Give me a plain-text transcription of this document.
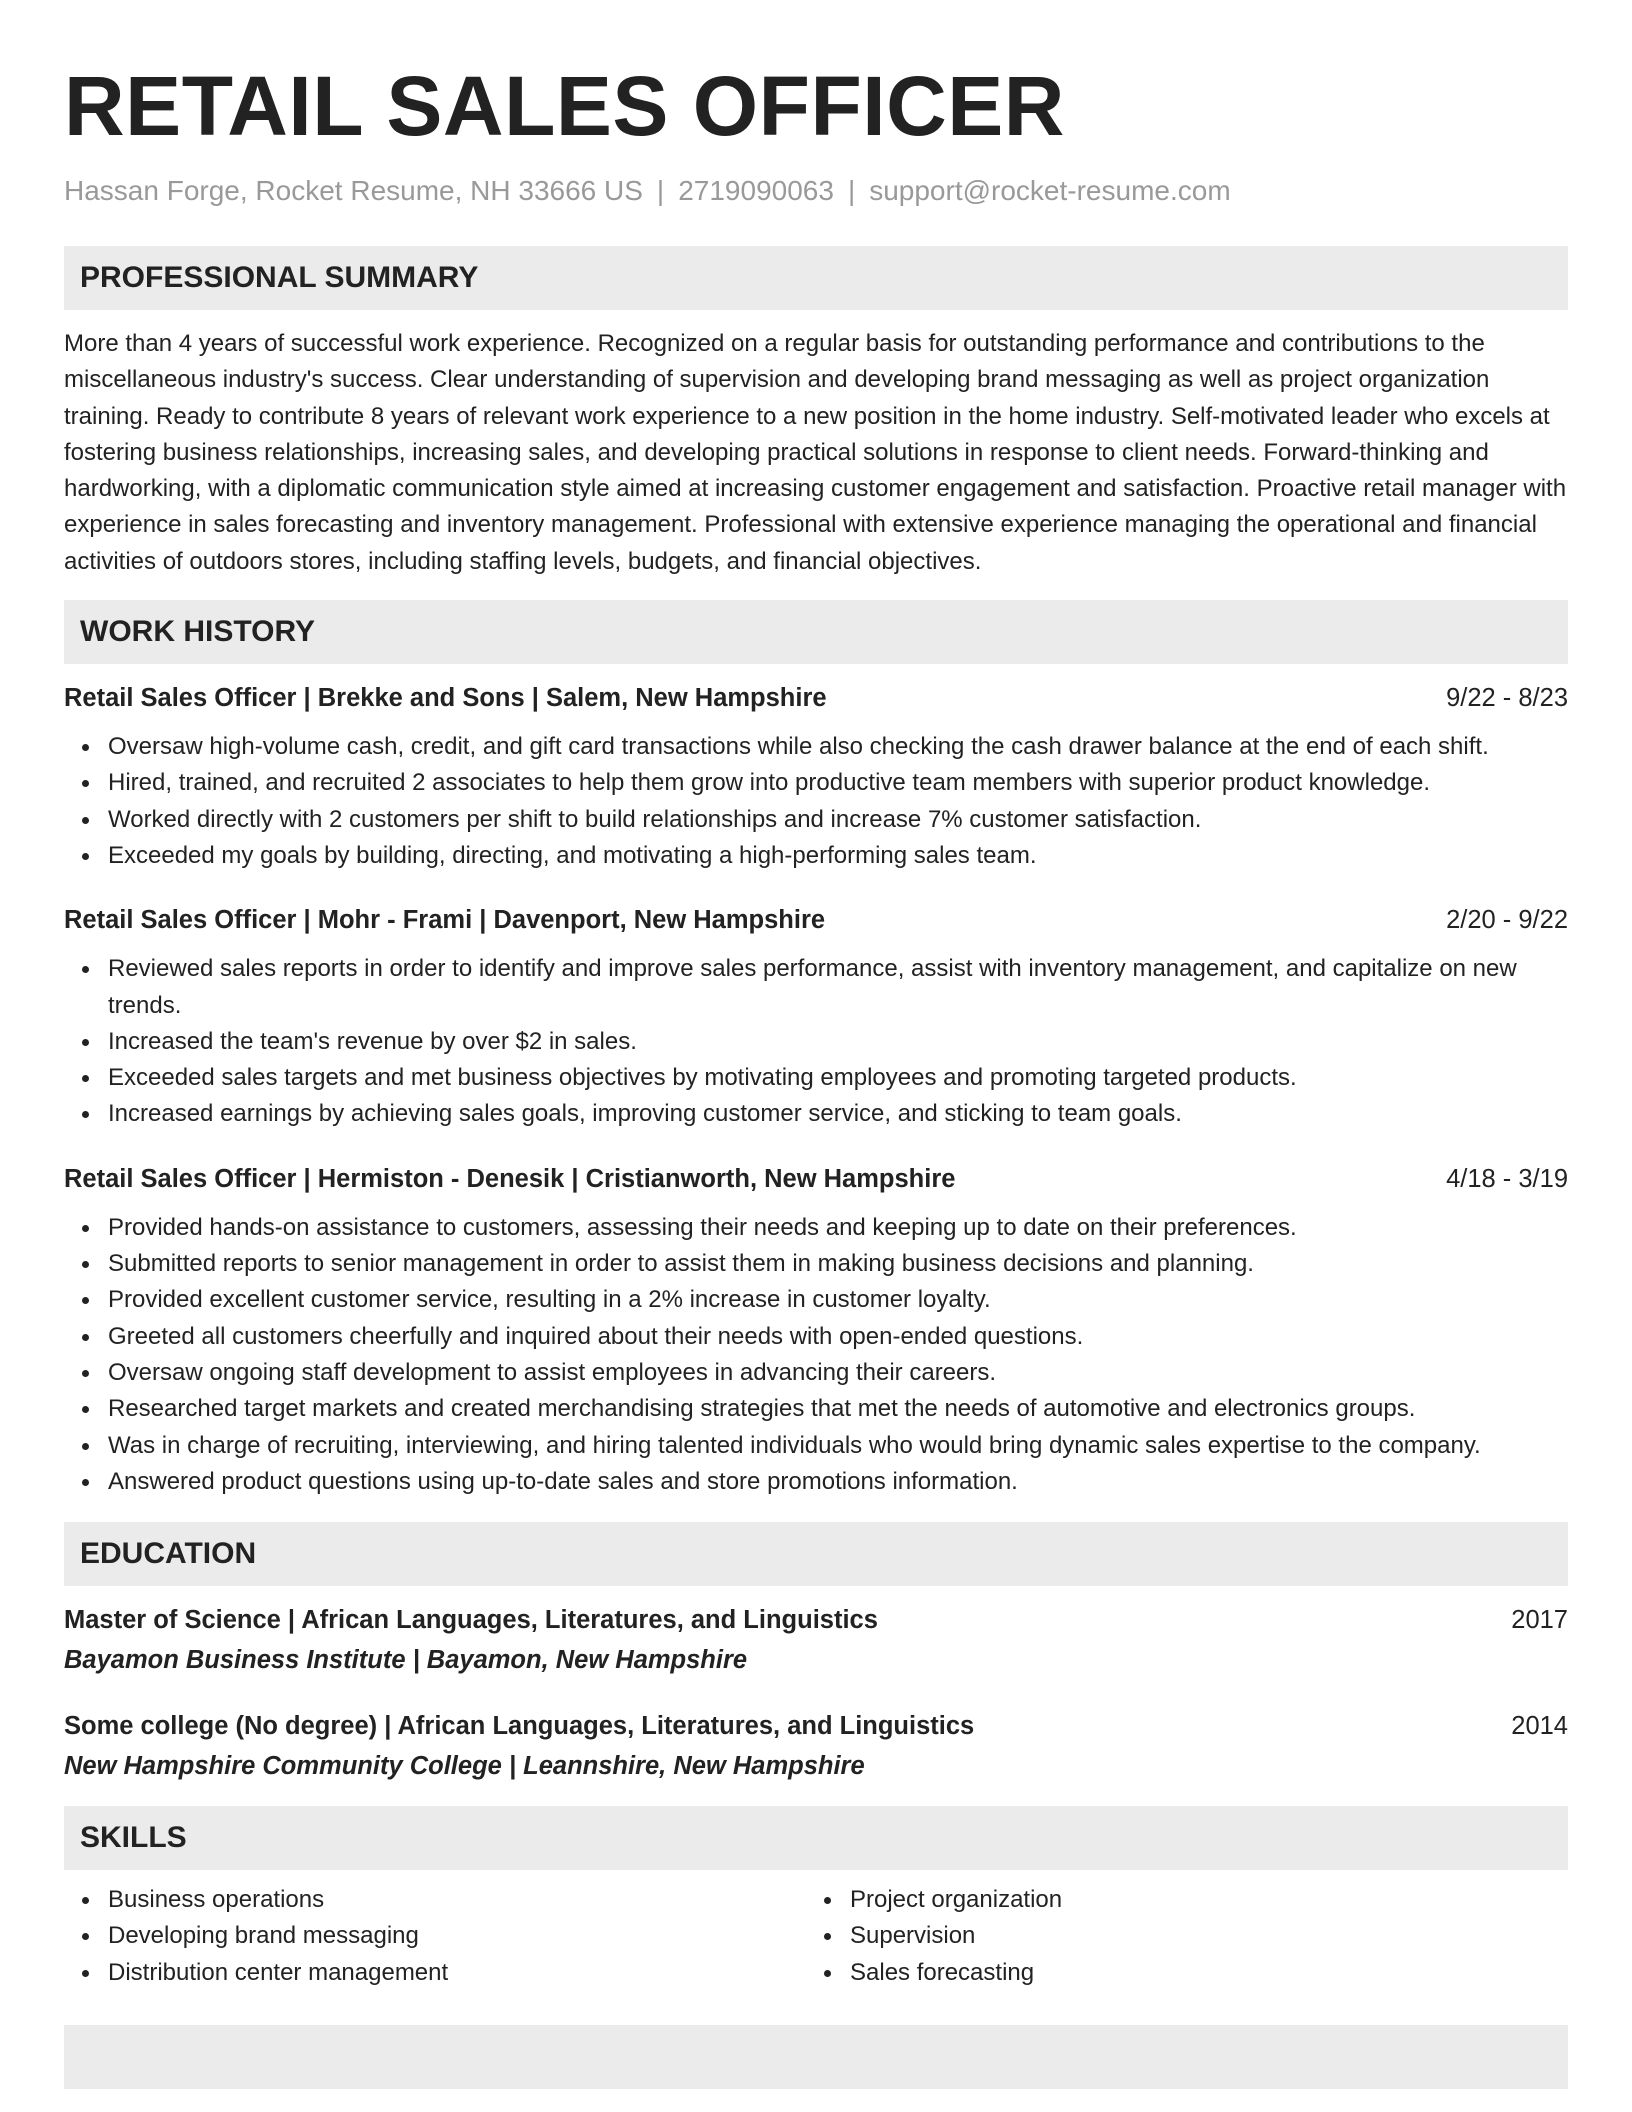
RETAIL SALES OFFICER
Hassan Forge, Rocket Resume, NH 33666 US | 2719090063 | support@rocket-resume.com
PROFESSIONAL SUMMARY

More than 4 years of successful work experience. Recognized on a regular basis for outstanding performance and contributions to the miscellaneous industry's success. Clear understanding of supervision and developing brand messaging as well as project organization training. Ready to contribute 8 years of relevant work experience to a new position in the home industry. Self-motivated leader who excels at fostering business relationships, increasing sales, and developing practical solutions in response to client needs. Forward-thinking and hardworking, with a diplomatic communication style aimed at increasing customer engagement and satisfaction. Proactive retail manager with experience in sales forecasting and inventory management. Professional with extensive experience managing the operational and financial activities of outdoors stores, including staffing levels, budgets, and financial objectives.

WORK HISTORY
Retail Sales Officer | Brekke and Sons | Salem, New Hampshire	9/22 - 8/23
Oversaw high-volume cash, credit, and gift card transactions while also checking the cash drawer balance at the end of each shift.
Hired, trained, and recruited 2 associates to help them grow into productive team members with superior product knowledge.
Worked directly with 2 customers per shift to build relationships and increase 7% customer satisfaction.
Exceeded my goals by building, directing, and motivating a high-performing sales team.
Retail Sales Officer | Mohr - Frami | Davenport, New Hampshire	2/20 - 9/22
Reviewed sales reports in order to identify and improve sales performance, assist with inventory management, and capitalize on new trends.
Increased the team's revenue by over $2 in sales.
Exceeded sales targets and met business objectives by motivating employees and promoting targeted products.
Increased earnings by achieving sales goals, improving customer service, and sticking to team goals.
Retail Sales Officer | Hermiston - Denesik | Cristianworth, New Hampshire	4/18 - 3/19
Provided hands-on assistance to customers, assessing their needs and keeping up to date on their preferences.
Submitted reports to senior management in order to assist them in making business decisions and planning.
Provided excellent customer service, resulting in a 2% increase in customer loyalty.
Greeted all customers cheerfully and inquired about their needs with open-ended questions.
Oversaw ongoing staff development to assist employees in advancing their careers.
Researched target markets and created merchandising strategies that met the needs of automotive and electronics groups.
Was in charge of recruiting, interviewing, and hiring talented individuals who would bring dynamic sales expertise to the company.
Answered product questions using up-to-date sales and store promotions information.
EDUCATION
Master of Science | African Languages, Literatures, and Linguistics	2017
Bayamon Business Institute | Bayamon, New Hampshire
Some college (No degree) | African Languages, Literatures, and Linguistics	2014
New Hampshire Community College | Leannshire, New Hampshire
SKILLS
Business operations
Developing brand messaging
Distribution center management
Project organization
Supervision
Sales forecasting
